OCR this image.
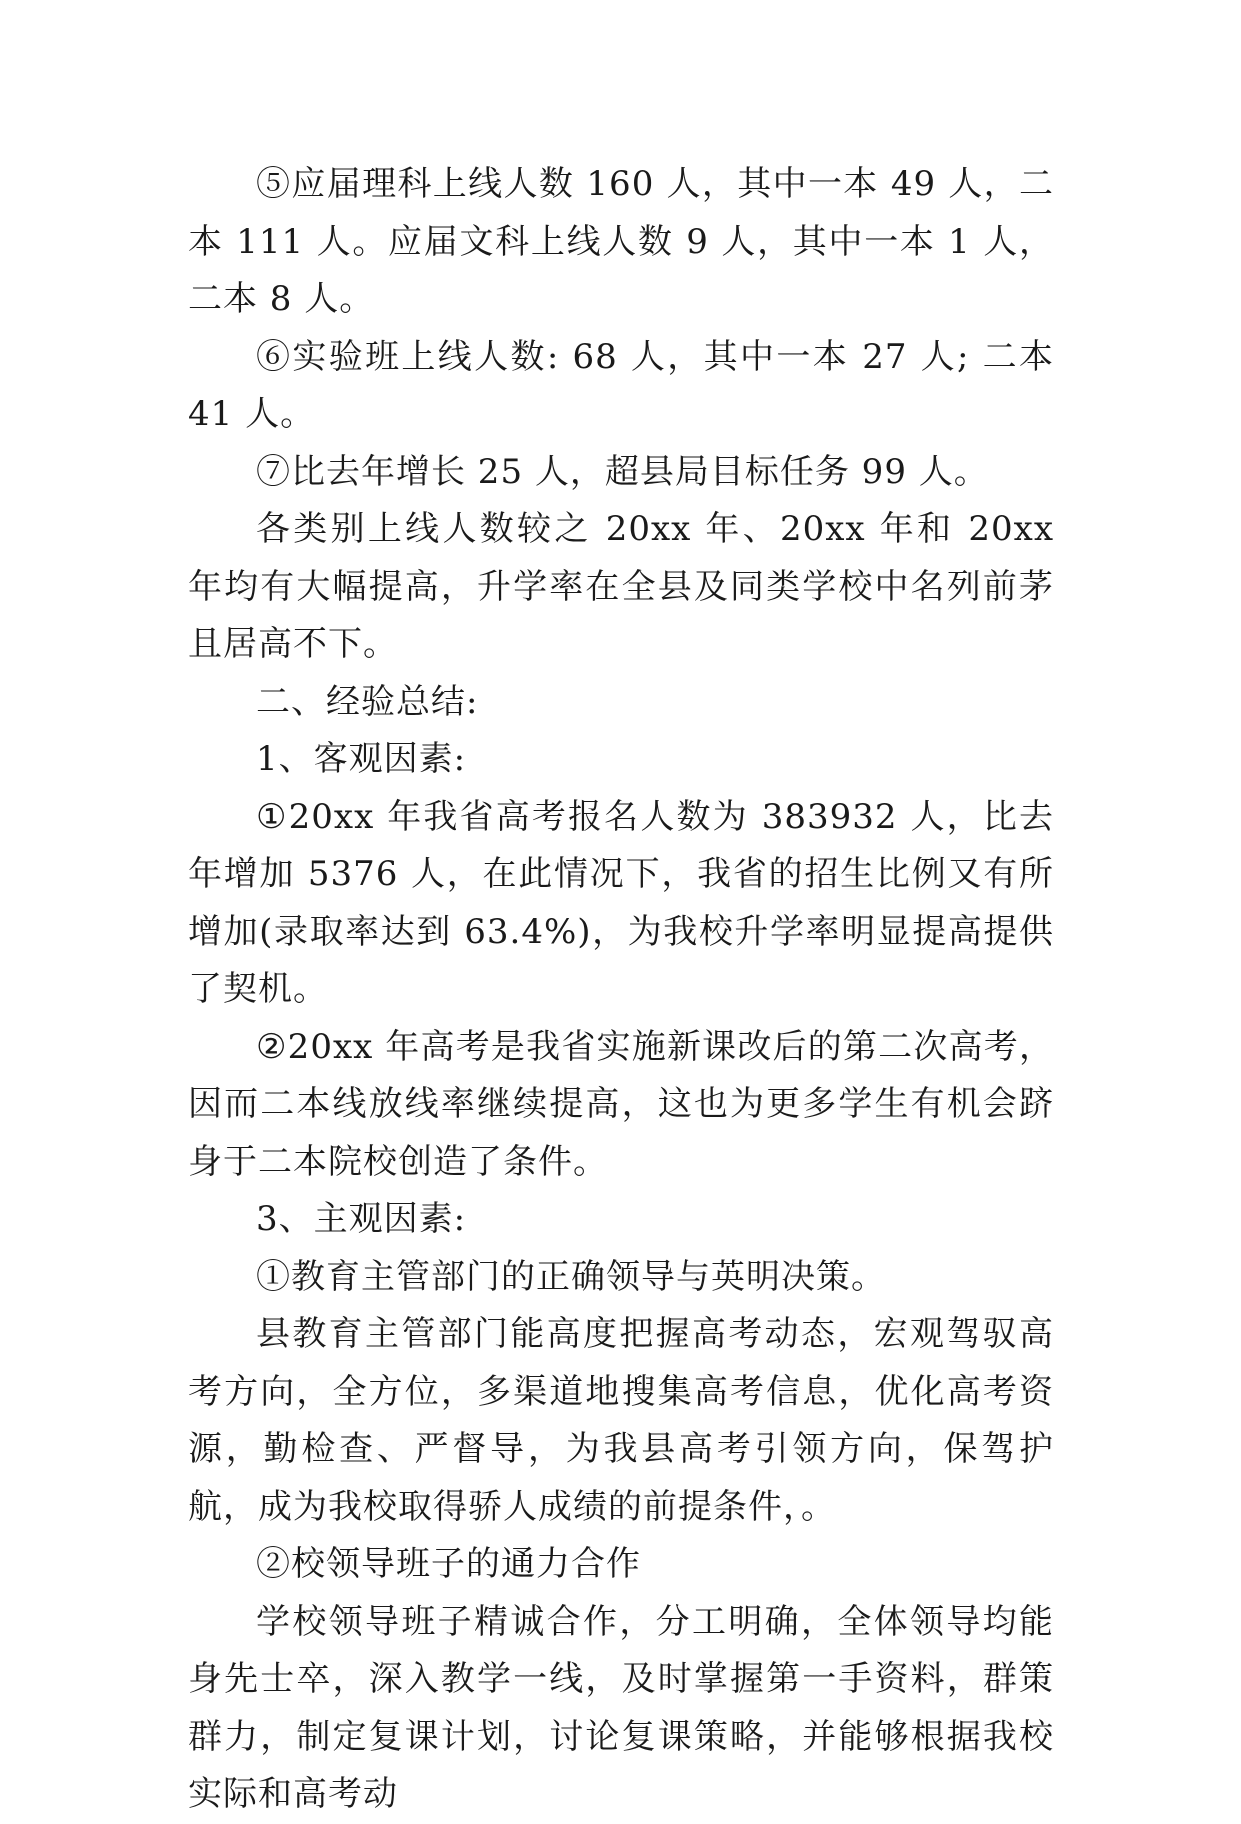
⑤应届理科上线人数 160 人，其中一本 49 人，二本 111 人。应届文科上线人数 9 人，其中一本 1 人，二本 8 人。

⑥实验班上线人数: 68 人，其中一本 27 人; 二本 41 人。

⑦比去年增长 25 人，超县局目标任务 99 人。

各类别上线人数较之 20xx 年、20xx 年和 20xx 年均有大幅提高，升学率在全县及同类学校中名列前茅且居高不下。

二、经验总结:

1、客观因素:

①20xx 年我省高考报名人数为 383932 人，比去年增加 5376 人，在此情况下，我省的招生比例又有所增加(录取率达到 63.4%)，为我校升学率明显提高提供了契机。

②20xx 年高考是我省实施新课改后的第二次高考，因而二本线放线率继续提高，这也为更多学生有机会跻身于二本院校创造了条件。

3、主观因素:

①教育主管部门的正确领导与英明决策。

县教育主管部门能高度把握高考动态，宏观驾驭高考方向，全方位，多渠道地搜集高考信息，优化高考资源，勤检查、严督导，为我县高考引领方向，保驾护航，成为我校取得骄人成绩的前提条件，。

②校领导班子的通力合作

学校领导班子精诚合作，分工明确，全体领导均能身先士卒，深入教学一线，及时掌握第一手资料，群策群力，制定复课计划，讨论复课策略，并能够根据我校实际和高考动
